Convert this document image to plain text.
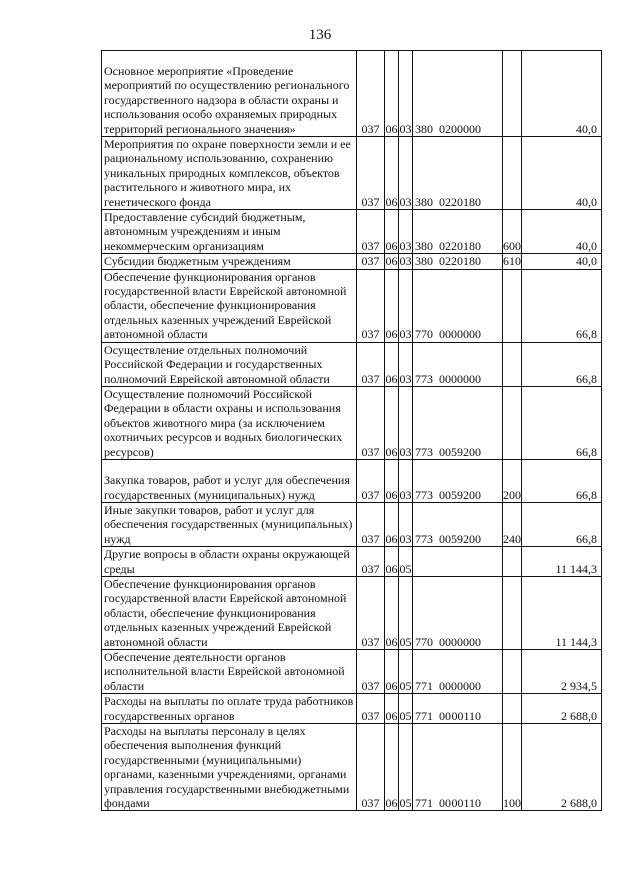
136
Основное мероприятие «Проведение мероприятий по осуществлению регионального государственного надзора в области охраны и использования особо охраняемых природных территорий регионального значения»	037	06	03	380 0200000		40,0
Мероприятия по охране поверхности земли и ее рациональному использованию, сохранению уникальных природных комплексов, объектов растительного и животного мира, их генетического фонда	037	06	03	380 0220180		40,0
Предоставление субсидий бюджетным, автономным учреждениям и иным некоммерческим организациям	037	06	03	380 0220180	600	40,0
Субсидии бюджетным учреждениям	037	06	03	380 0220180	610	40,0
Обеспечение функционирования органов государственной власти Еврейской автономной области, обеспечение функционирования отдельных казенных учреждений Еврейской автономной области	037	06	03	770 0000000		66,8
Осуществление отдельных полномочий Российской Федерации и государственных полномочий Еврейской автономной области	037	06	03	773 0000000		66,8
Осуществление полномочий Российской Федерации в области охраны и использования объектов животного мира (за исключением охотничьих ресурсов и водных биологических ресурсов)	037	06	03	773 0059200		66,8
Закупка товаров, работ и услуг для обеспечения государственных (муниципальных) нужд	037	06	03	773 0059200	200	66,8
Иные закупки товаров, работ и услуг для обеспечения государственных (муниципальных) нужд	037	06	03	773 0059200	240	66,8
Другие вопросы в области охраны окружающей среды	037	06	05			11 144,3
Обеспечение функционирования органов государственной власти Еврейской автономной области, обеспечение функционирования отдельных казенных учреждений Еврейской автономной области	037	06	05	770 0000000		11 144,3
Обеспечение деятельности органов исполнительной власти Еврейской автономной области	037	06	05	771 0000000		2 934,5
Расходы на выплаты по оплате труда работников государственных органов	037	06	05	771 0000110		2 688,0
Расходы на выплаты персоналу в целях обеспечения выполнения функций государственными (муниципальными) органами, казенными учреждениями, органами управления государственными внебюджетными фондами	037	06	05	771 0000110	100	2 688,0
